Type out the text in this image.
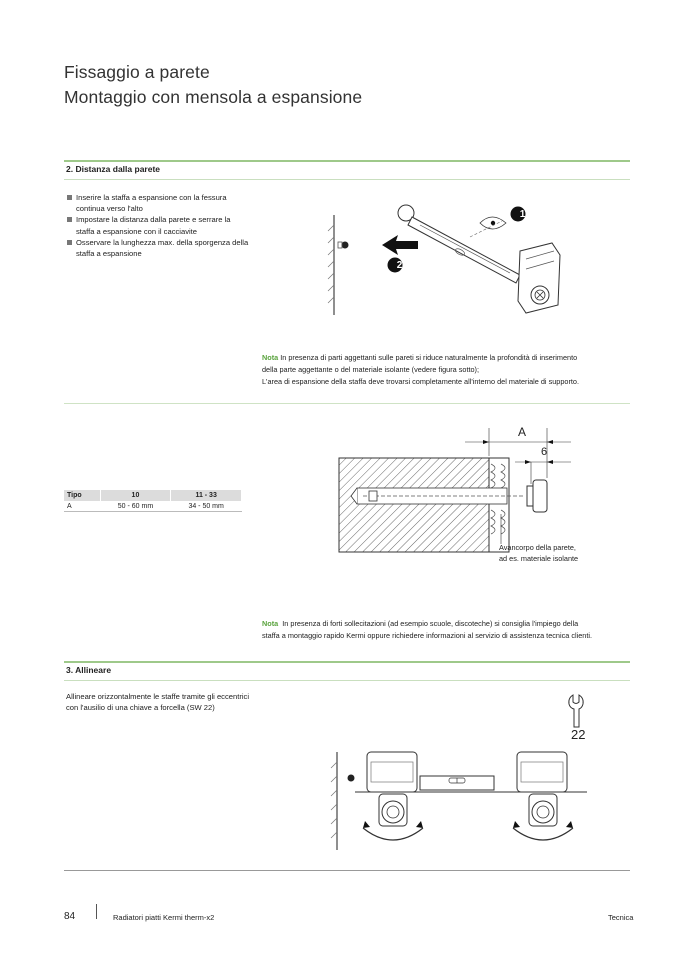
Fissaggio a parete
Montaggio con mensola a espansione
2. Distanza dalla parete
Inserire la staffa a espansione con la fessura continua verso l'alto
Impostare la distanza dalla parete e serrare la staffa a espansione con il cacciavite
Osservare la lunghezza max. della sporgenza della staffa a espansione
1
2
Nota In presenza di parti aggettanti sulle pareti si riduce naturalmente la profondità di inserimento
della parte aggettante o del materiale isolante (vedere figura sotto);
L'area di espansione della staffa deve trovarsi completamente all'interno del materiale di supporto.
Tipo	10	11 - 33
A	50 - 60 mm	34 - 50 mm
A
6
Avancorpo della parete,
ad es. materiale isolante
Nota In presenza di forti sollecitazioni (ad esempio scuole, discoteche) si consiglia l'impiego della
staffa a montaggio rapido Kermi oppure richiedere informazioni al servizio di assistenza tecnica clienti.
3. Allineare
Allineare orizzontalmente le staffe tramite gli eccentrici
con l'ausilio di una chiave a forcella (SW 22)
22
84	Radiatori piatti Kermi therm-x2	Tecnica
